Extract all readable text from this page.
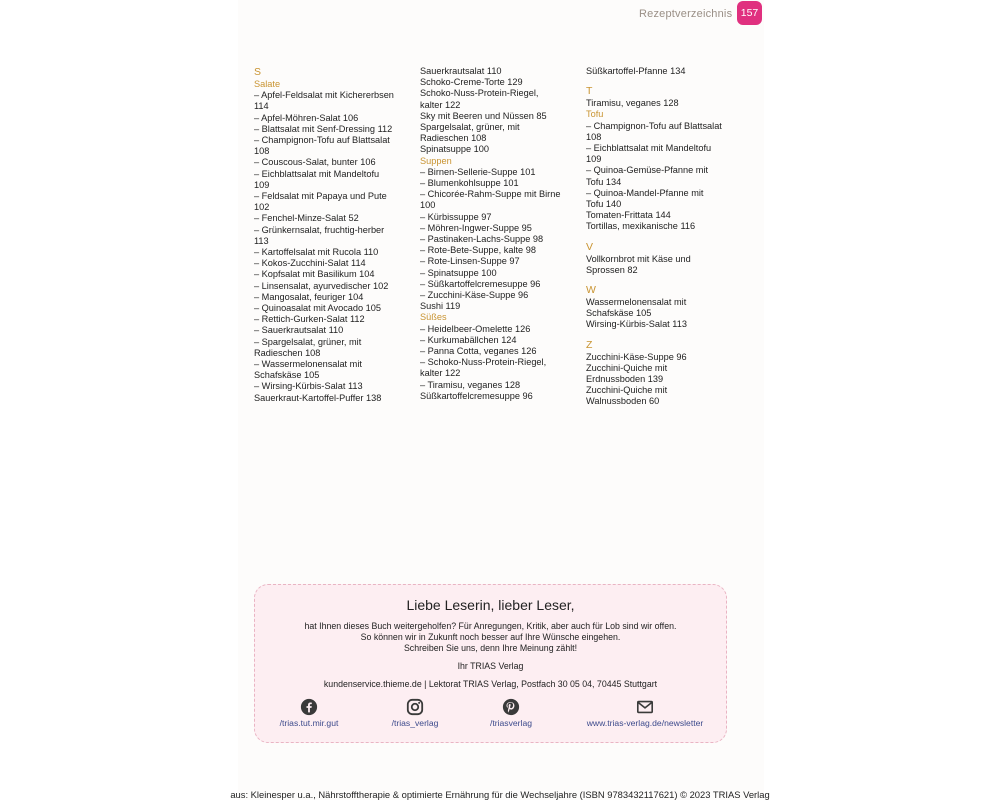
Rezeptverzeichnis 157
S
Salate
– Apfel-Feldsalat mit Kichererbsen
114
– Apfel-Möhren-Salat 106
– Blattsalat mit Senf-Dressing 112
– Champignon-Tofu auf Blattsalat
108
– Couscous-Salat, bunter 106
– Eichblattsalat mit Mandeltofu
109
– Feldsalat mit Papaya und Pute
102
– Fenchel-Minze-Salat 52
– Grünkernsalat, fruchtig-herber
113
– Kartoffelsalat mit Rucola 110
– Kokos-Zucchini-Salat 114
– Kopfsalat mit Basilikum 104
– Linsensalat, ayurvedischer 102
– Mangosalat, feuriger 104
– Quinoasalat mit Avocado 105
– Rettich-Gurken-Salat 112
– Sauerkrautsalat 110
– Spargelsalat, grüner, mit
Radieschen 108
– Wassermelonensalat mit
Schafskäse 105
– Wirsing-Kürbis-Salat 113
Sauerkraut-Kartoffel-Puffer 138
Sauerkrautsalat 110
Schoko-Creme-Torte 129
Schoko-Nuss-Protein-Riegel,
kalter 122
Sky mit Beeren und Nüssen 85
Spargelsalat, grüner, mit
Radieschen 108
Spinatsuppe 100
Suppen
– Birnen-Sellerie-Suppe 101
– Blumenkohlsuppe 101
– Chicorée-Rahm-Suppe mit Birne
100
– Kürbissuppe 97
– Möhren-Ingwer-Suppe 95
– Pastinaken-Lachs-Suppe 98
– Rote-Bete-Suppe, kalte 98
– Rote-Linsen-Suppe 97
– Spinatsuppe 100
– Süßkartoffelcremesuppe 96
– Zucchini-Käse-Suppe 96
Sushi 119
Süßes
– Heidelbeer-Omelette 126
– Kurkumabällchen 124
– Panna Cotta, veganes 126
– Schoko-Nuss-Protein-Riegel,
kalter 122
– Tiramisu, veganes 128
Süßkartoffelcremesuppe 96
Süßkartoffel-Pfanne 134
T
Tiramisu, veganes 128
Tofu
– Champignon-Tofu auf Blattsalat
108
– Eichblattsalat mit Mandeltofu
109
– Quinoa-Gemüse-Pfanne mit
Tofu 134
– Quinoa-Mandel-Pfanne mit
Tofu 140
Tomaten-Frittata 144
Tortillas, mexikanische 116
V
Vollkornbrot mit Käse und
Sprossen 82
W
Wassermelonensalat mit
Schafskäse 105
Wirsing-Kürbis-Salat 113
Z
Zucchini-Käse-Suppe 96
Zucchini-Quiche mit
Erdnussboden 139
Zucchini-Quiche mit
Walnussboden 60
Liebe Leserin, lieber Leser,
hat Ihnen dieses Buch weitergeholfen? Für Anregungen, Kritik, aber auch für Lob sind wir offen.
So können wir in Zukunft noch besser auf Ihre Wünsche eingehen.
Schreiben Sie uns, denn Ihre Meinung zählt!
Ihr TRIAS Verlag
kundenservice.thieme.de | Lektorat TRIAS Verlag, Postfach 30 05 04, 70445 Stuttgart
/trias.tut.mir.gut	/trias_verlag	/triasverlag	www.trias-verlag.de/newsletter
aus: Kleinesper u.a., Nährstofftherapie & optimierte Ernährung für die Wechseljahre (ISBN 9783432117621) © 2023 TRIAS Verlag
